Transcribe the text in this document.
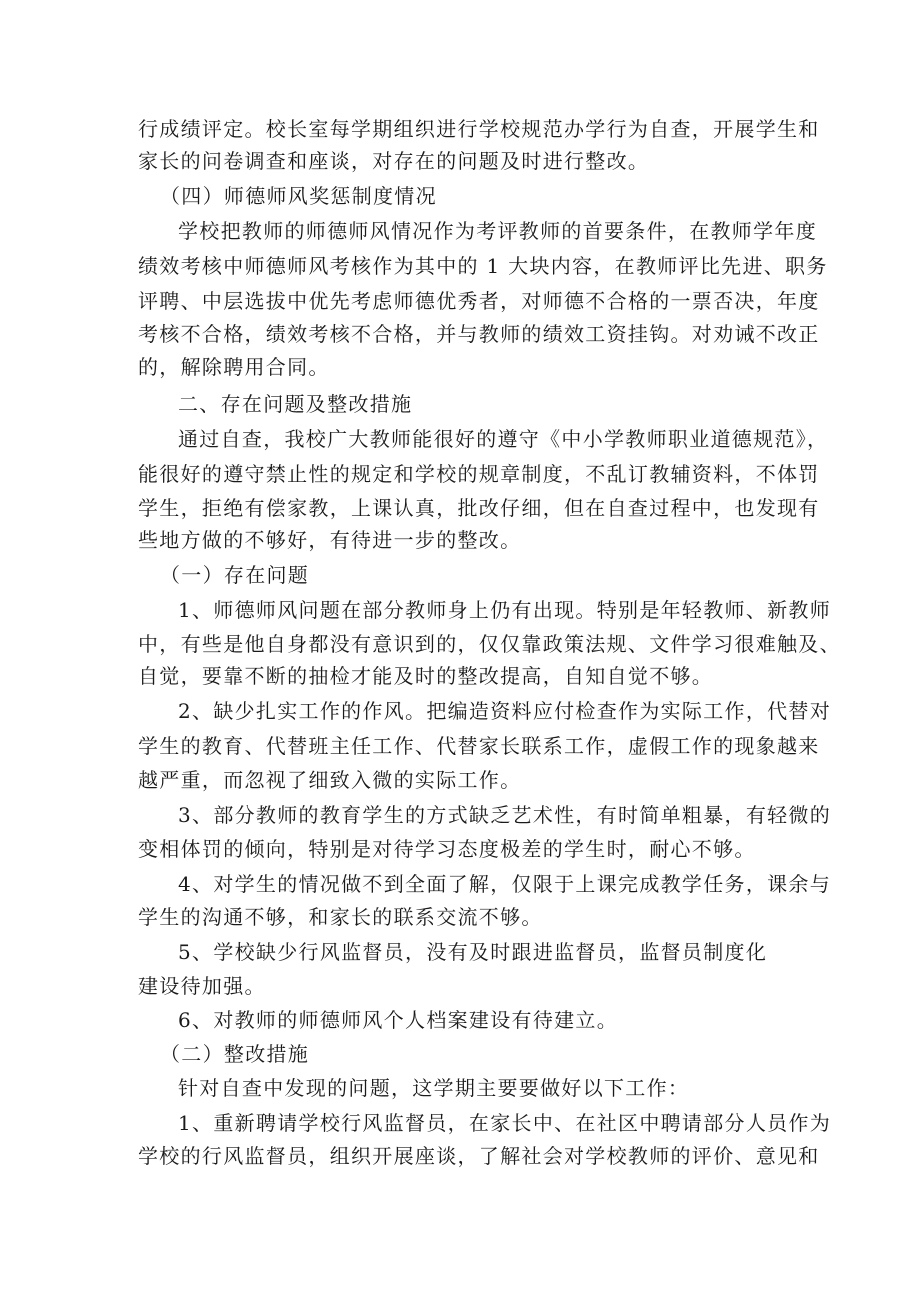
行成绩评定。校长室每学期组织进行学校规范办学行为自查，开展学生和
家长的问卷调查和座谈，对存在的问题及时进行整改。
（四）师德师风奖惩制度情况
学校把教师的师德师风情况作为考评教师的首要条件，在教师学年度
绩效考核中师德师风考核作为其中的 1 大块内容，在教师评比先进、职务
评聘、中层选拔中优先考虑师德优秀者，对师德不合格的一票否决，年度
考核不合格，绩效考核不合格，并与教师的绩效工资挂钩。对劝诫不改正
的，解除聘用合同。
二、存在问题及整改措施
通过自查，我校广大教师能很好的遵守《中小学教师职业道德规范》，
能很好的遵守禁止性的规定和学校的规章制度，不乱订教辅资料，不体罚
学生，拒绝有偿家教，上课认真，批改仔细，但在自查过程中，也发现有
些地方做的不够好，有待进一步的整改。
（一）存在问题
1、师德师风问题在部分教师身上仍有出现。特别是年轻教师、新教师
中，有些是他自身都没有意识到的，仅仅靠政策法规、文件学习很难触及、
自觉，要靠不断的抽检才能及时的整改提高，自知自觉不够。
2、缺少扎实工作的作风。把编造资料应付检查作为实际工作，代替对
学生的教育、代替班主任工作、代替家长联系工作，虚假工作的现象越来
越严重，而忽视了细致入微的实际工作。
3、部分教师的教育学生的方式缺乏艺术性，有时简单粗暴，有轻微的
变相体罚的倾向，特别是对待学习态度极差的学生时，耐心不够。
4、对学生的情况做不到全面了解，仅限于上课完成教学任务，课余与
学生的沟通不够，和家长的联系交流不够。
5、学校缺少行风监督员，没有及时跟进监督员，监督员制度化
建设待加强。
6、对教师的师德师风个人档案建设有待建立。
（二）整改措施
针对自查中发现的问题，这学期主要要做好以下工作：
1、重新聘请学校行风监督员，在家长中、在社区中聘请部分人员作为
学校的行风监督员，组织开展座谈，了解社会对学校教师的评价、意见和
